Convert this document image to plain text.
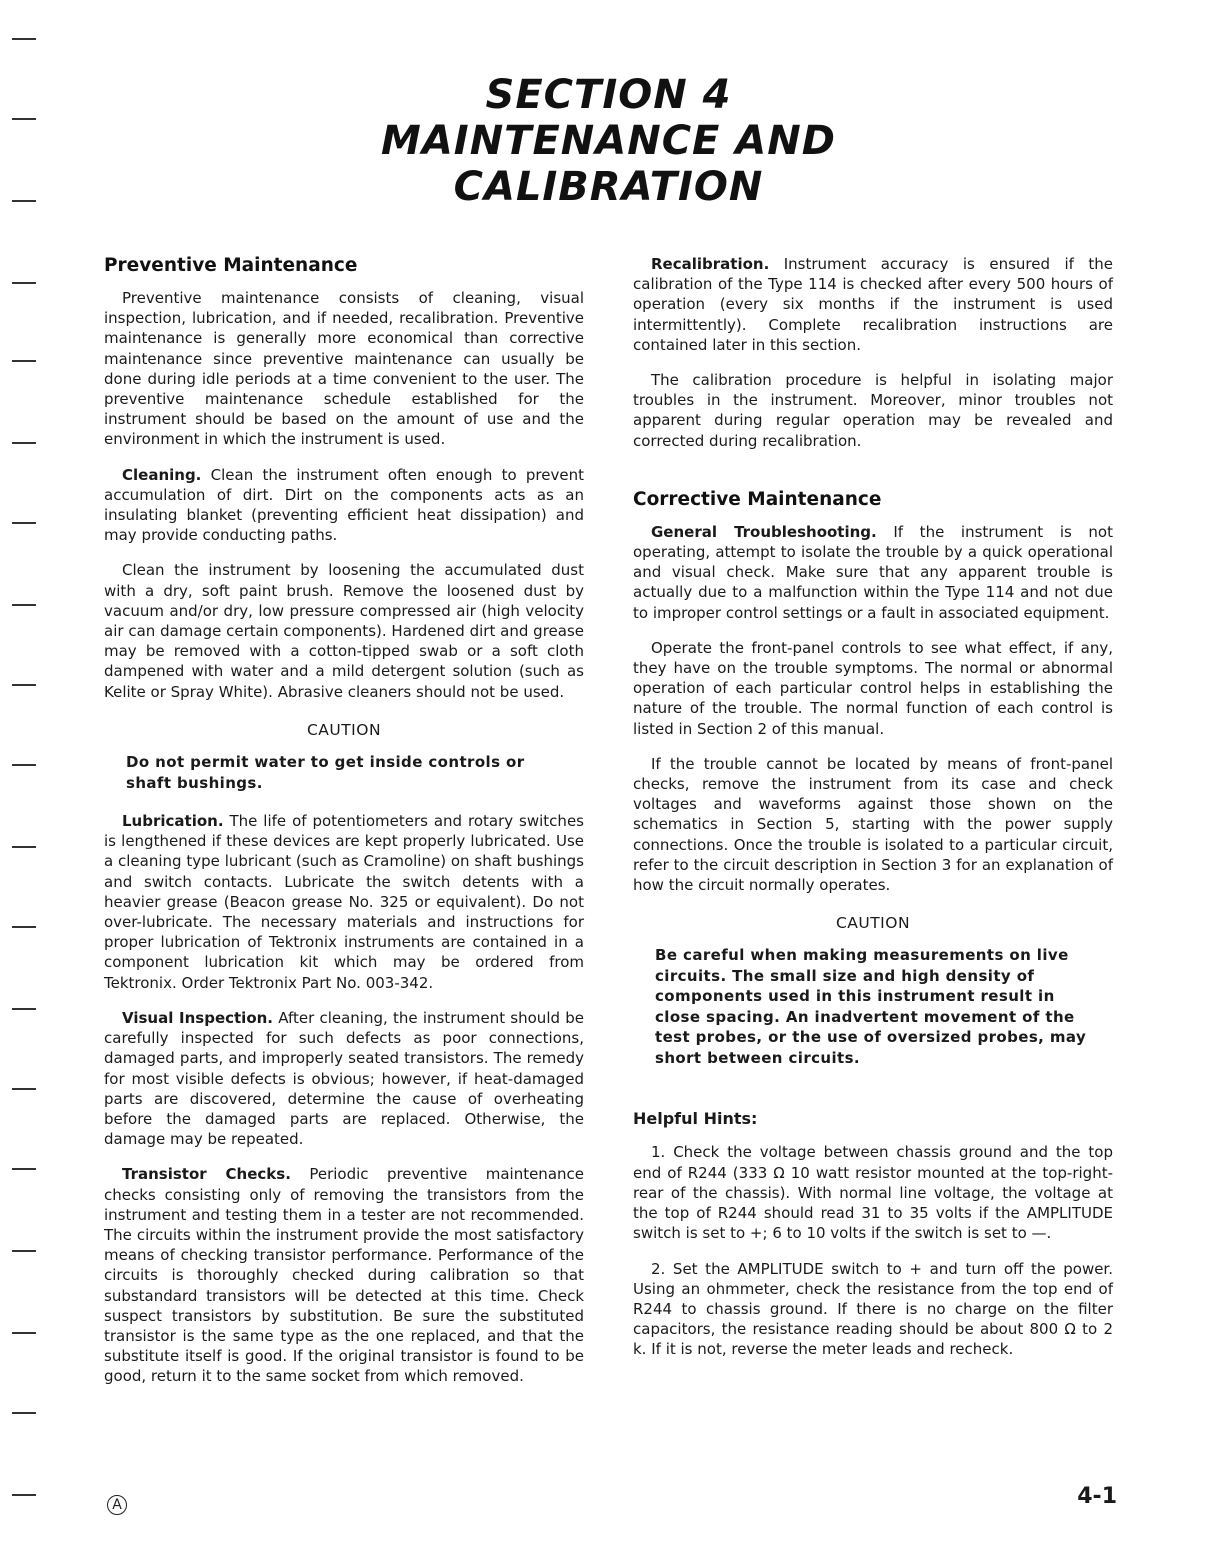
SECTION 4
MAINTENANCE AND
CALIBRATION
Preventive Maintenance

Preventive maintenance consists of cleaning, visual inspection, lubrication, and if needed, recalibration. Preventive maintenance is generally more economical than corrective maintenance since preventive maintenance can usually be done during idle periods at a time convenient to the user. The preventive maintenance schedule established for the instrument should be based on the amount of use and the environment in which the instrument is used.

Cleaning. Clean the instrument often enough to prevent accumulation of dirt. Dirt on the components acts as an insulating blanket (preventing efficient heat dissipation) and may provide conducting paths.

Clean the instrument by loosening the accumulated dust with a dry, soft paint brush. Remove the loosened dust by vacuum and/or dry, low pressure compressed air (high velocity air can damage certain components). Hardened dirt and grease may be removed with a cotton-tipped swab or a soft cloth dampened with water and a mild detergent solution (such as Kelite or Spray White). Abrasive cleaners should not be used.

CAUTION
Do not permit water to get inside controls or shaft bushings.

Lubrication. The life of potentiometers and rotary switches is lengthened if these devices are kept properly lubricated. Use a cleaning type lubricant (such as Cramoline) on shaft bushings and switch contacts. Lubricate the switch detents with a heavier grease (Beacon grease No. 325 or equivalent). Do not over-lubricate. The necessary materials and instructions for proper lubrication of Tektronix instruments are contained in a component lubrication kit which may be ordered from Tektronix. Order Tektronix Part No. 003-342.

Visual Inspection. After cleaning, the instrument should be carefully inspected for such defects as poor connections, damaged parts, and improperly seated transistors. The remedy for most visible defects is obvious; however, if heat-damaged parts are discovered, determine the cause of overheating before the damaged parts are replaced. Otherwise, the damage may be repeated.

Transistor Checks. Periodic preventive maintenance checks consisting only of removing the transistors from the instrument and testing them in a tester are not recommended. The circuits within the instrument provide the most satisfactory means of checking transistor performance. Performance of the circuits is thoroughly checked during calibration so that substandard transistors will be detected at this time. Check suspect transistors by substitution. Be sure the substituted transistor is the same type as the one replaced, and that the substitute itself is good. If the original transistor is found to be good, return it to the same socket from which removed.

Recalibration. Instrument accuracy is ensured if the calibration of the Type 114 is checked after every 500 hours of operation (every six months if the instrument is used intermittently). Complete recalibration instructions are contained later in this section.

The calibration procedure is helpful in isolating major troubles in the instrument. Moreover, minor troubles not apparent during regular operation may be revealed and corrected during recalibration.

Corrective Maintenance

General Troubleshooting. If the instrument is not operating, attempt to isolate the trouble by a quick operational and visual check. Make sure that any apparent trouble is actually due to a malfunction within the Type 114 and not due to improper control settings or a fault in associated equipment.

Operate the front-panel controls to see what effect, if any, they have on the trouble symptoms. The normal or abnormal operation of each particular control helps in establishing the nature of the trouble. The normal function of each control is listed in Section 2 of this manual.

If the trouble cannot be located by means of front-panel checks, remove the instrument from its case and check voltages and waveforms against those shown on the schematics in Section 5, starting with the power supply connections. Once the trouble is isolated to a particular circuit, refer to the circuit description in Section 3 for an explanation of how the circuit normally operates.

CAUTION
Be careful when making measurements on live circuits. The small size and high density of components used in this instrument result in close spacing. An inadvertent movement of the test probes, or the use of oversized probes, may short between circuits.
Helpful Hints:

1. Check the voltage between chassis ground and the top end of R244 (333 Ω 10 watt resistor mounted at the top-right-rear of the chassis). With normal line voltage, the voltage at the top of R244 should read 31 to 35 volts if the AMPLITUDE switch is set to +; 6 to 10 volts if the switch is set to —.

2. Set the AMPLITUDE switch to + and turn off the power. Using an ohmmeter, check the resistance from the top end of R244 to chassis ground. If there is no charge on the filter capacitors, the resistance reading should be about 800 Ω to 2 k. If it is not, reverse the meter leads and recheck.

A	4-1
